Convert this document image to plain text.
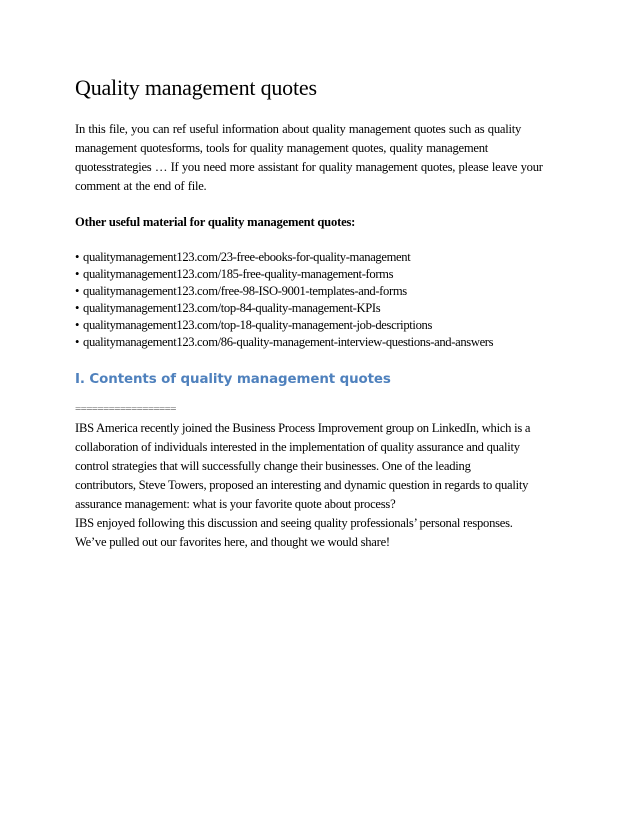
Quality management quotes

In this file, you can ref useful information about quality management quotes such as quality
management quotesforms, tools for quality management quotes, quality management
quotesstrategies … If you need more assistant for quality management quotes, please leave your
comment at the end of file.

Other useful material for quality management quotes:
• qualitymanagement123.com/23-free-ebooks-for-quality-management
• qualitymanagement123.com/185-free-quality-management-forms
• qualitymanagement123.com/free-98-ISO-9001-templates-and-forms
• qualitymanagement123.com/top-84-quality-management-KPIs
• qualitymanagement123.com/top-18-quality-management-job-descriptions
• qualitymanagement123.com/86-quality-management-interview-questions-and-answers
I. Contents of quality management quotes
==================
IBS America recently joined the Business Process Improvement group on LinkedIn, which is a
collaboration of individuals interested in the implementation of quality assurance and quality
control strategies that will successfully change their businesses. One of the leading
contributors, Steve Towers, proposed an interesting and dynamic question in regards to quality
assurance management: what is your favorite quote about process?
IBS enjoyed following this discussion and seeing quality professionals’ personal responses.
We’ve pulled out our favorites here, and thought we would share!
